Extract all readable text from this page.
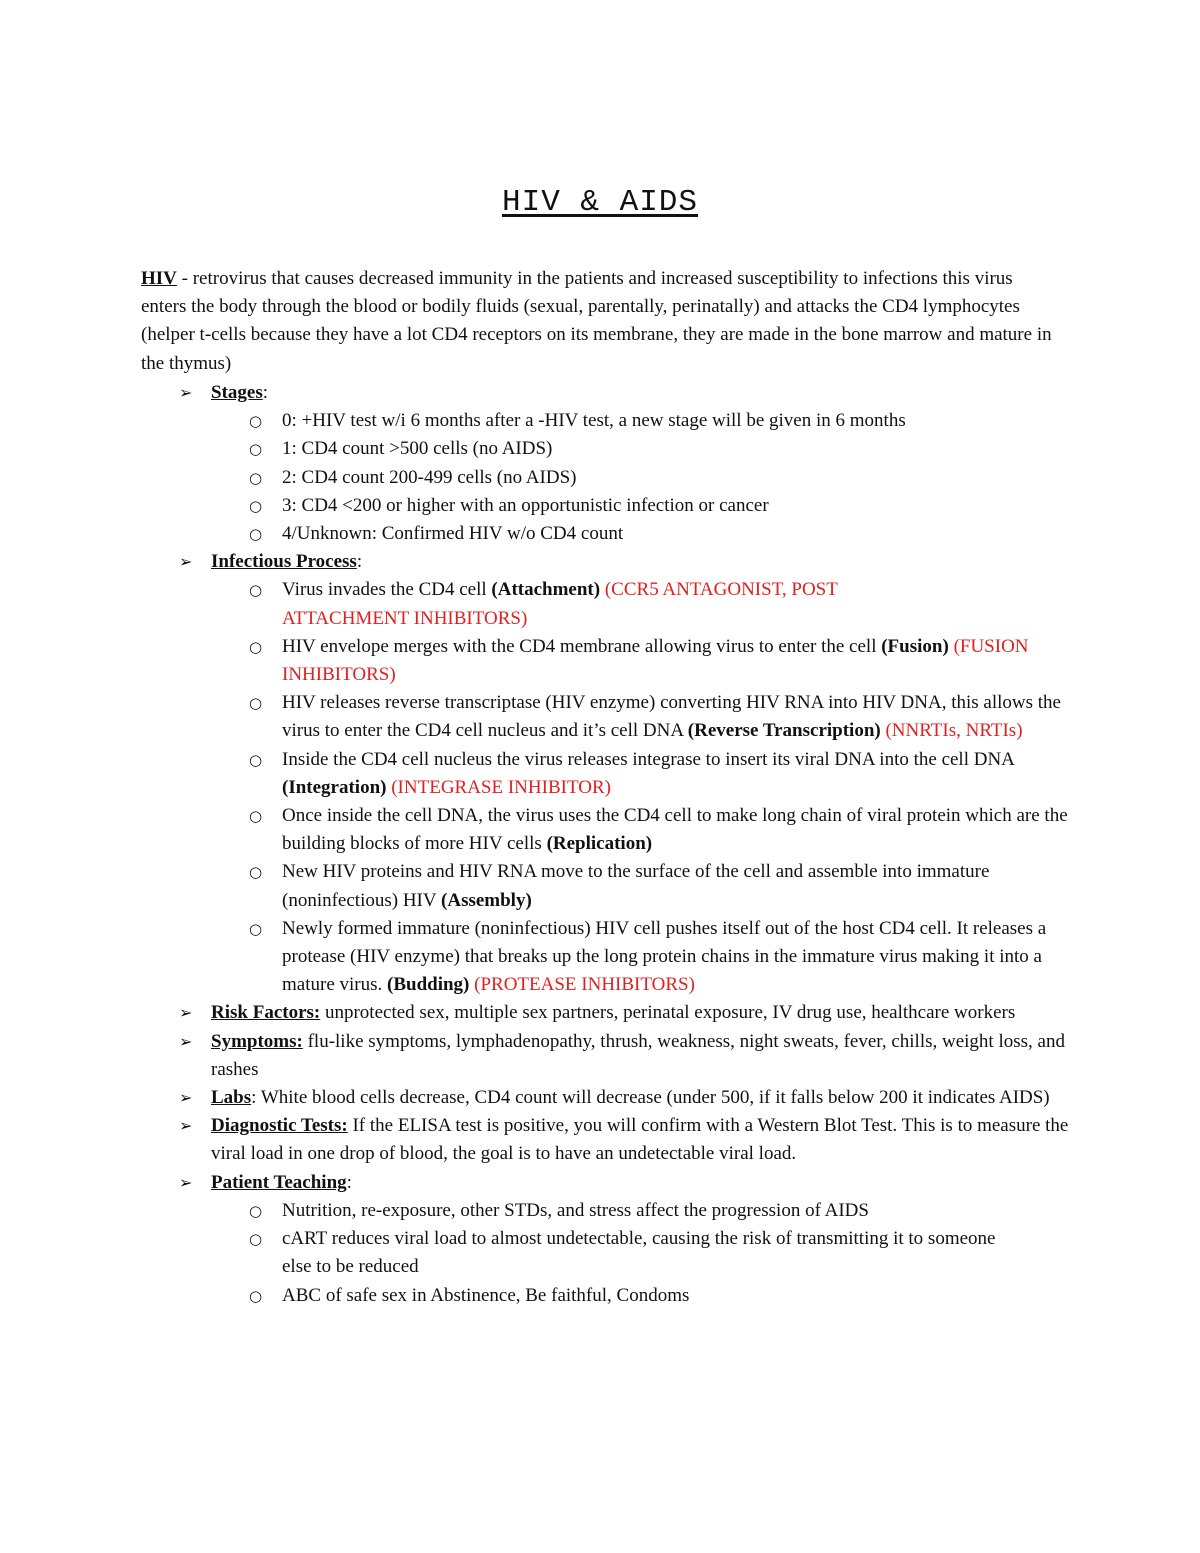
HIV & AIDS
HIV - retrovirus that causes decreased immunity in the patients and increased susceptibility to infections this virus enters the body through the blood or bodily fluids (sexual, parentally, perinatally) and attacks the CD4 lymphocytes (helper t-cells because they have a lot CD4 receptors on its membrane, they are made in the bone marrow and mature in the thymus)
➢ Stages:
○ 0: +HIV test w/i 6 months after a -HIV test, a new stage will be given in 6 months
○ 1: CD4 count >500 cells (no AIDS)
○ 2: CD4 count 200-499 cells (no AIDS)
○ 3: CD4 <200 or higher with an opportunistic infection or cancer
○ 4/Unknown: Confirmed HIV w/o CD4 count
➢ Infectious Process:
○ Virus invades the CD4 cell (Attachment) (CCR5 ANTAGONIST, POST ATTACHMENT INHIBITORS)
○ HIV envelope merges with the CD4 membrane allowing virus to enter the cell (Fusion) (FUSION INHIBITORS)
○ HIV releases reverse transcriptase (HIV enzyme) converting HIV RNA into HIV DNA, this allows the virus to enter the CD4 cell nucleus and it’s cell DNA (Reverse Transcription) (NNRTIs, NRTIs)
○ Inside the CD4 cell nucleus the virus releases integrase to insert its viral DNA into the cell DNA (Integration) (INTEGRASE INHIBITOR)
○ Once inside the cell DNA, the virus uses the CD4 cell to make long chain of viral protein which are the building blocks of more HIV cells (Replication)
○ New HIV proteins and HIV RNA move to the surface of the cell and assemble into immature (noninfectious) HIV (Assembly)
○ Newly formed immature (noninfectious) HIV cell pushes itself out of the host CD4 cell. It releases a protease (HIV enzyme) that breaks up the long protein chains in the immature virus making it into a mature virus. (Budding) (PROTEASE INHIBITORS)
➢ Risk Factors: unprotected sex, multiple sex partners, perinatal exposure, IV drug use, healthcare workers
➢ Symptoms: flu-like symptoms, lymphadenopathy, thrush, weakness, night sweats, fever, chills, weight loss, and rashes
➢ Labs: White blood cells decrease, CD4 count will decrease (under 500, if it falls below 200 it indicates AIDS)
➢ Diagnostic Tests: If the ELISA test is positive, you will confirm with a Western Blot Test. This is to measure the viral load in one drop of blood, the goal is to have an undetectable viral load.
➢ Patient Teaching:
○ Nutrition, re-exposure, other STDs, and stress affect the progression of AIDS
○ cART reduces viral load to almost undetectable, causing the risk of transmitting it to someone else to be reduced
○ ABC of safe sex in Abstinence, Be faithful, Condoms
